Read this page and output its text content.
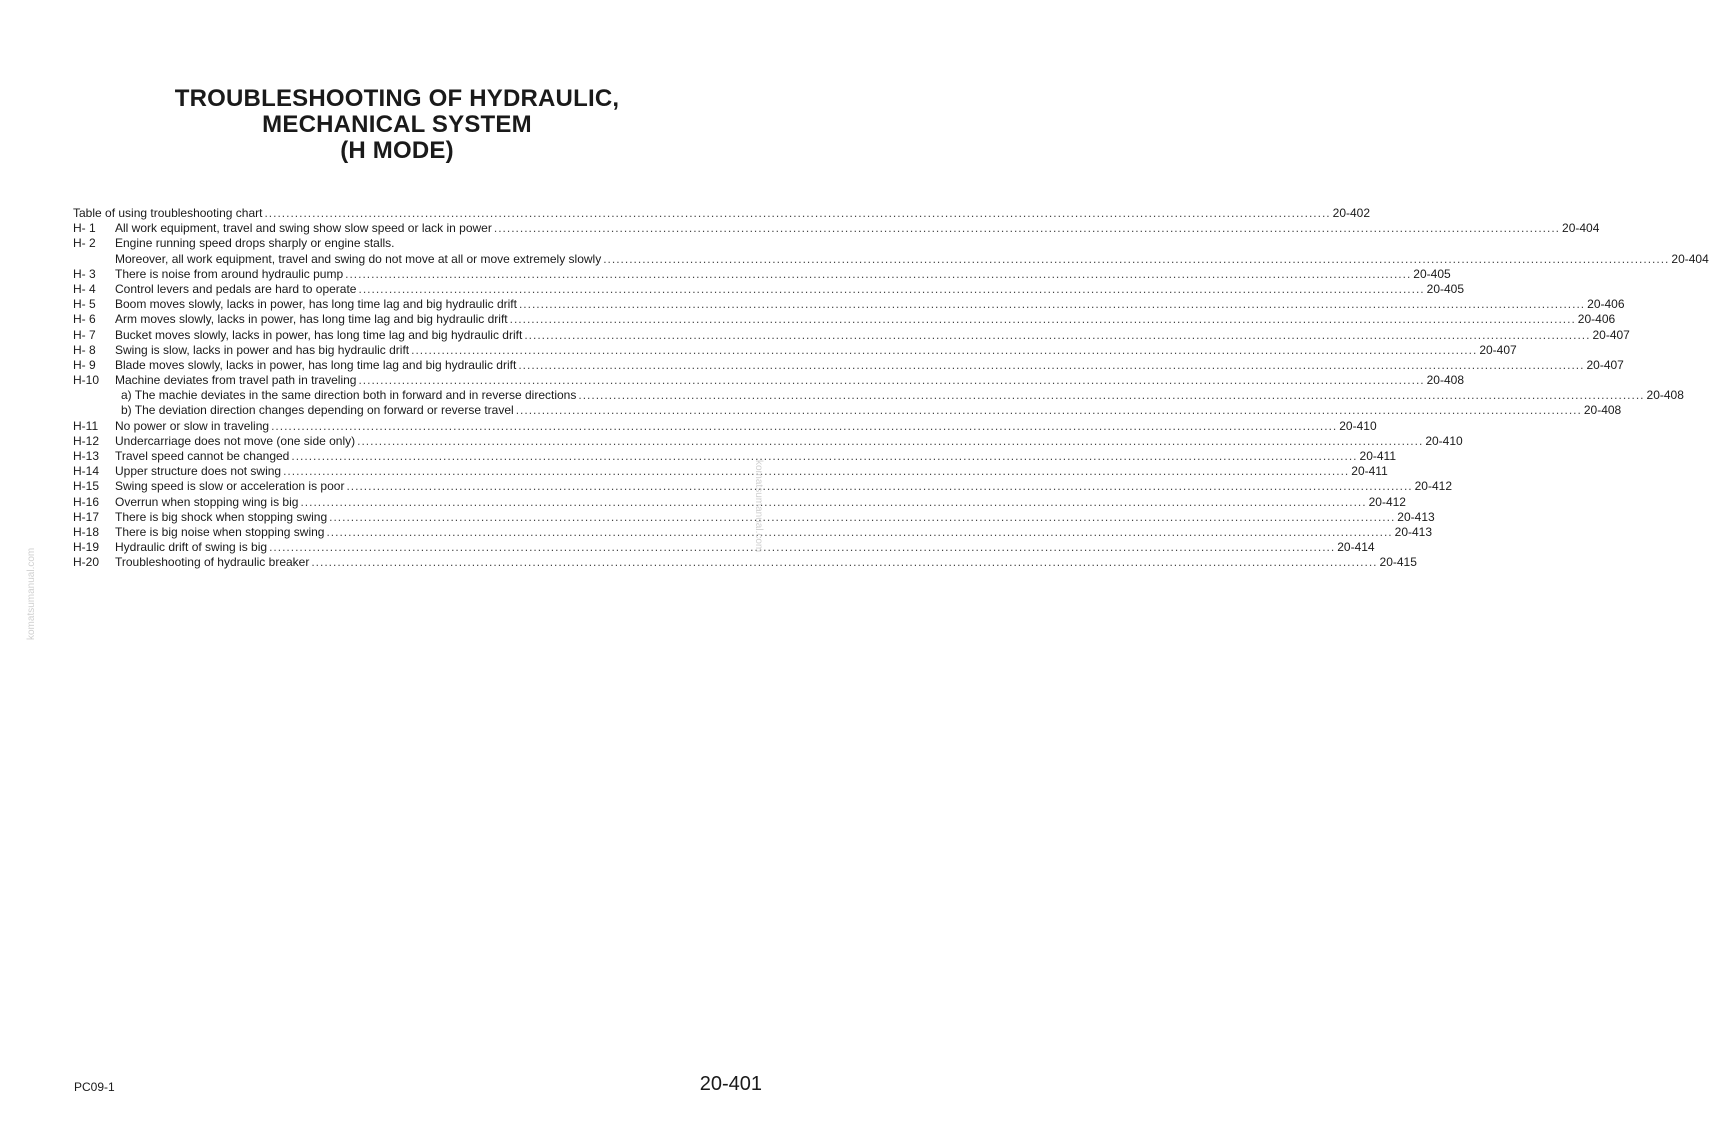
TROUBLESHOOTING OF HYDRAULIC,
MECHANICAL SYSTEM
(H MODE)
Table of using troubleshooting chart .....	20-402
H- 1	All work equipment, travel and swing show slow speed or lack in power .....	20-404
H- 2	Engine running speed drops sharply or engine stalls.
Moreover, all work equipment, travel and swing do not move at all or move extremely slowly .....	20-404
H- 3	There is noise from around hydraulic pump .....	20-405
H- 4	Control levers and pedals are hard to operate .....	20-405
H- 5	Boom moves slowly, lacks in power, has long time lag and big hydraulic drift .....	20-406
H- 6	Arm moves slowly, lacks in power, has long time lag and big hydraulic drift .....	20-406
H- 7	Bucket moves slowly, lacks in power, has long time lag and big hydraulic drift .....	20-407
H- 8	Swing is slow, lacks in power and has big hydraulic drift .....	20-407
H- 9	Blade moves slowly, lacks in power, has long time lag and big hydraulic drift .....	20-407
H-10	Machine deviates from travel path in traveling .....	20-408
a) The machie deviates in the same direction both in forward and in reverse directions .....	20-408
b) The deviation direction changes depending on forward or reverse travel .....	20-408
H-11	No power or slow in traveling .....	20-410
H-12	Undercarriage does not move (one side only) .....	20-410
H-13	Travel speed cannot be changed .....	20-411
H-14	Upper structure does not swing .....	20-411
H-15	Swing speed is slow or acceleration is poor .....	20-412
H-16	Overrun when stopping wing is big .....	20-412
H-17	There is big shock when stopping swing .....	20-413
H-18	There is big noise when stopping swing .....	20-413
H-19	Hydraulic drift of swing is big .....	20-414
H-20	Troubleshooting of hydraulic breaker .....	20-415
PC09-1	20-401
komatsumanual.com
komatsumanual.com
